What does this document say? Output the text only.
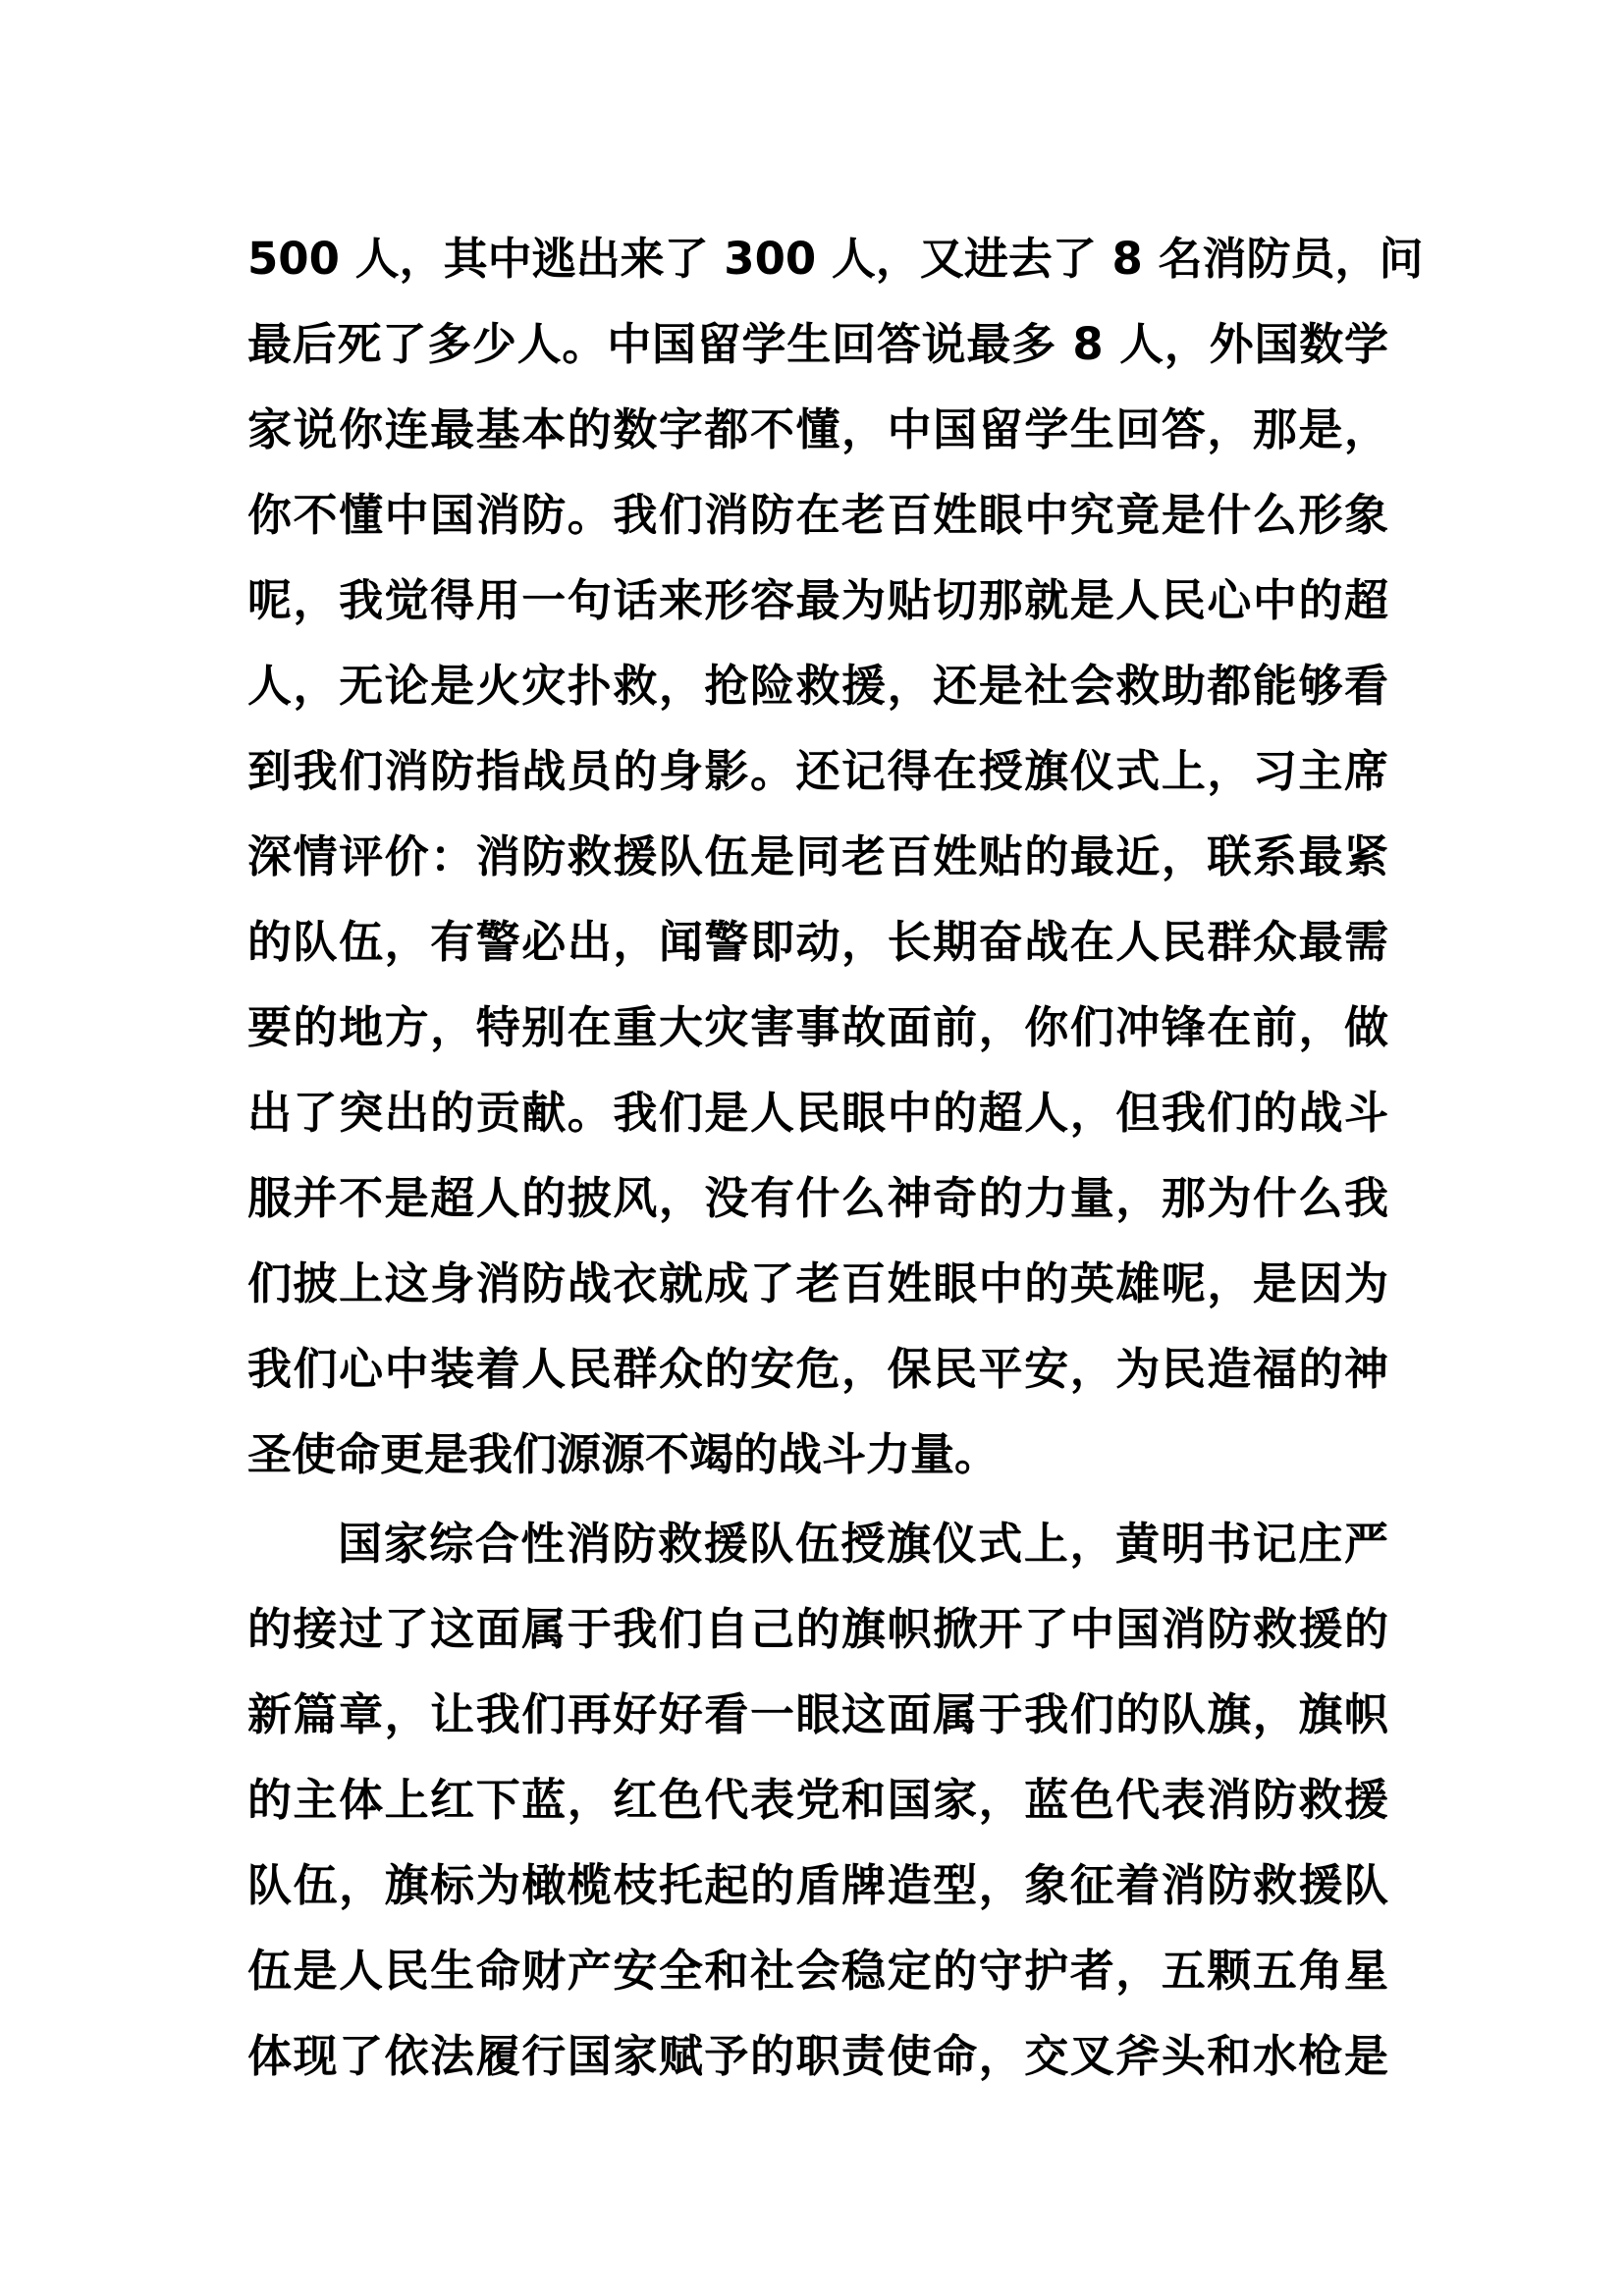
500 人，其中逃出来了 300 人，又进去了 8 名消防员，问
最后死了多少人。中国留学生回答说最多 8 人，外国数学
家说你连最基本的数字都不懂，中国留学生回答，那是，
你不懂中国消防。我们消防在老百姓眼中究竟是什么形象
呢，我觉得用一句话来形容最为贴切那就是人民心中的超
人，无论是火灾扑救，抢险救援，还是社会救助都能够看
到我们消防指战员的身影。还记得在授旗仪式上，习主席
深情评价：消防救援队伍是同老百姓贴的最近，联系最紧
的队伍，有警必出，闻警即动，长期奋战在人民群众最需
要的地方，特别在重大灾害事故面前，你们冲锋在前，做
出了突出的贡献。我们是人民眼中的超人，但我们的战斗
服并不是超人的披风，没有什么神奇的力量，那为什么我
们披上这身消防战衣就成了老百姓眼中的英雄呢，是因为
我们心中装着人民群众的安危，保民平安，为民造福的神
圣使命更是我们源源不竭的战斗力量。
国家综合性消防救援队伍授旗仪式上，黄明书记庄严
的接过了这面属于我们自己的旗帜掀开了中国消防救援的
新篇章，让我们再好好看一眼这面属于我们的队旗，旗帜
的主体上红下蓝，红色代表党和国家，蓝色代表消防救援
队伍，旗标为橄榄枝托起的盾牌造型，象征着消防救援队
伍是人民生命财产安全和社会稳定的守护者，五颗五角星
体现了依法履行国家赋予的职责使命，交叉斧头和水枪是
